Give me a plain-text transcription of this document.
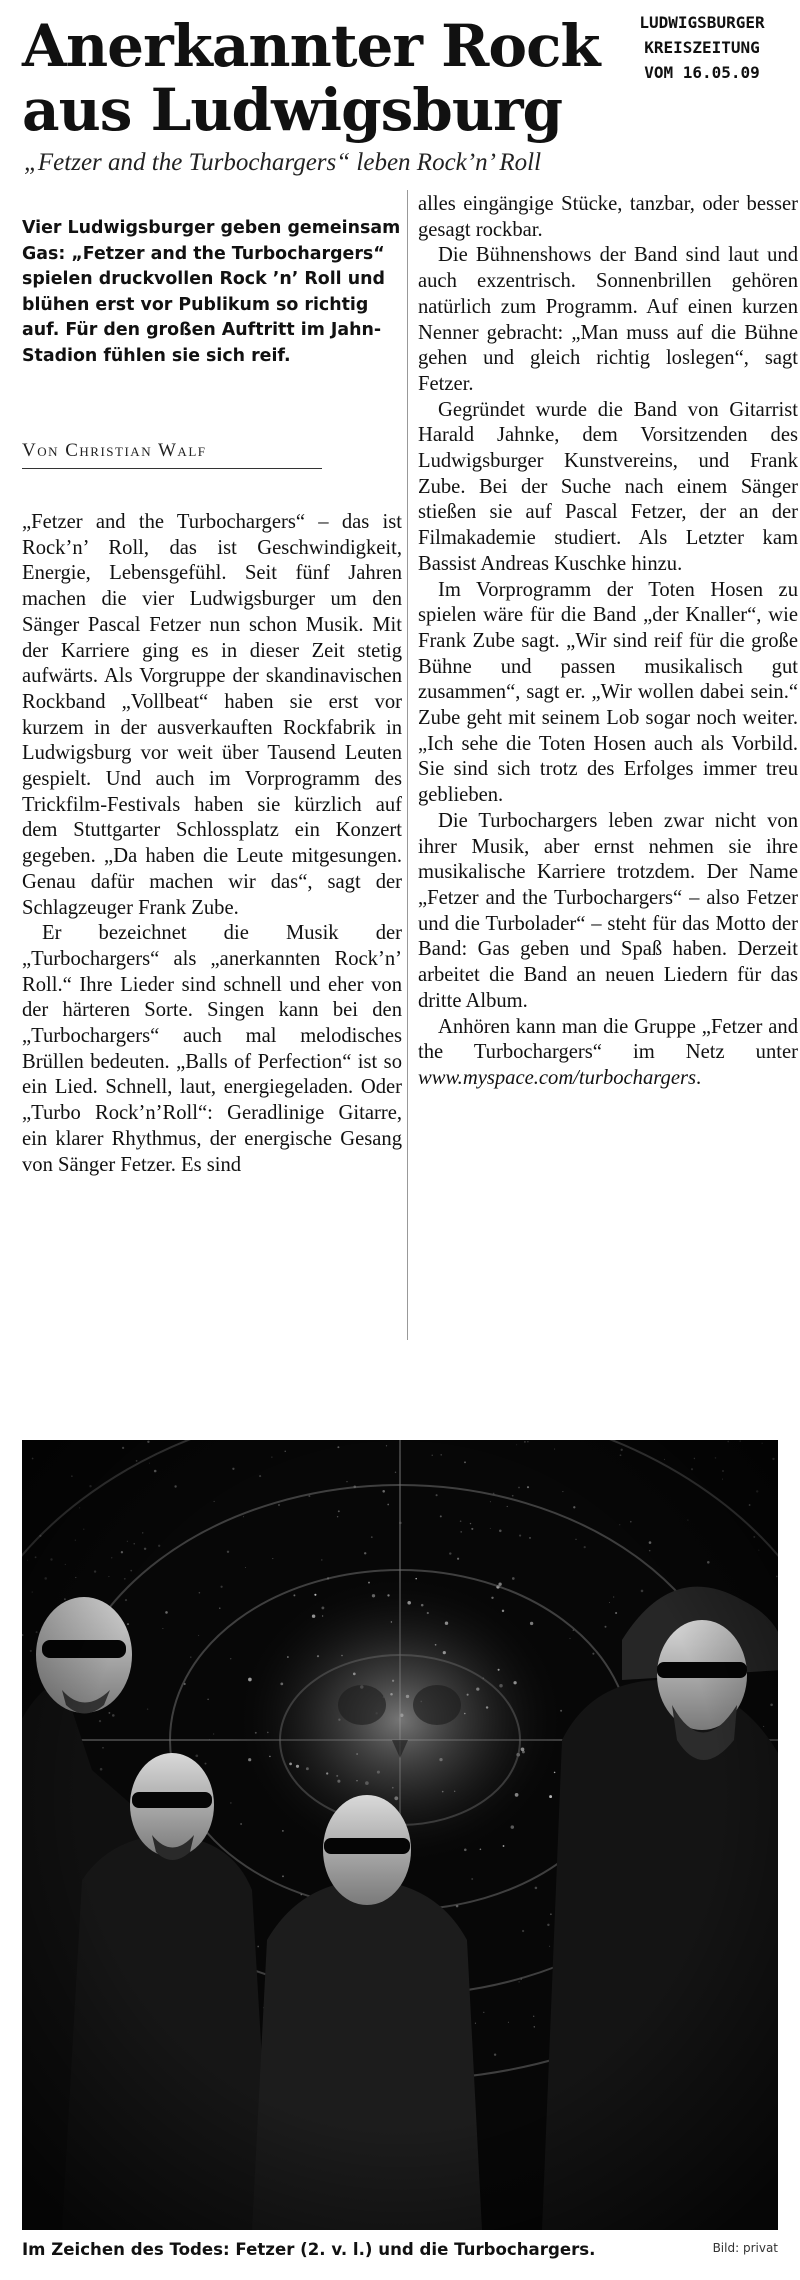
Anerkannter Rock
aus Ludwigsburg
LUDWIGSBURGER
KREISZEITUNG
VOM 16.05.09
„Fetzer and the Turbochargers“ leben Rock’n’ Roll
Vier Ludwigsburger geben gemeinsam Gas: „Fetzer and the Turbochargers“ spielen druckvollen Rock ’n’ Roll und blühen erst vor Publikum so richtig auf. Für den großen Auftritt im Jahn-Stadion fühlen sie sich reif.
Von Christian Walf

„Fetzer and the Turbochargers“ – das ist Rock’n’ Roll, das ist Geschwindigkeit, Energie, Lebensgefühl. Seit fünf Jahren machen die vier Ludwigsburger um den Sänger Pascal Fetzer nun schon Musik. Mit der Karriere ging es in dieser Zeit stetig aufwärts. Als Vorgruppe der skandinavischen Rockband „Vollbeat“ haben sie erst vor kurzem in der ausverkauften Rockfabrik in Ludwigsburg vor weit über Tausend Leuten gespielt. Und auch im Vorprogramm des Trickfilm-Festivals haben sie kürzlich auf dem Stuttgarter Schlossplatz ein Konzert gegeben. „Da haben die Leute mitgesungen. Genau dafür machen wir das“, sagt der Schlagzeuger Frank Zube.

Er bezeichnet die Musik der „Turbochargers“ als „anerkannten Rock’n’ Roll.“ Ihre Lieder sind schnell und eher von der härteren Sorte. Singen kann bei den „Turbochargers“ auch mal melodisches Brüllen bedeuten. „Balls of Perfection“ ist so ein Lied. Schnell, laut, energiegeladen. Oder „Turbo Rock’n’Roll“: Geradlinige Gitarre, ein klarer Rhythmus, der energische Gesang von Sänger Fetzer. Es sind

alles eingängige Stücke, tanzbar, oder besser gesagt rockbar.

Die Bühnenshows der Band sind laut und auch exzentrisch. Sonnenbrillen gehören natürlich zum Programm. Auf einen kurzen Nenner gebracht: „Man muss auf die Bühne gehen und gleich richtig loslegen“, sagt Fetzer.

Gegründet wurde die Band von Gitarrist Harald Jahnke, dem Vorsitzenden des Ludwigsburger Kunstvereins, und Frank Zube. Bei der Suche nach einem Sänger stießen sie auf Pascal Fetzer, der an der Filmakademie studiert. Als Letzter kam Bassist Andreas Kuschke hinzu.

Im Vorprogramm der Toten Hosen zu spielen wäre für die Band „der Knaller“, wie Frank Zube sagt. „Wir sind reif für die große Bühne und passen musikalisch gut zusammen“, sagt er. „Wir wollen dabei sein.“ Zube geht mit seinem Lob sogar noch weiter. „Ich sehe die Toten Hosen auch als Vorbild. Sie sind sich trotz des Erfolges immer treu geblieben.

Die Turbochargers leben zwar nicht von ihrer Musik, aber ernst nehmen sie ihre musikalische Karriere trotzdem. Der Name „Fetzer and the Turbochargers“ – also Fetzer und die Turbolader“ – steht für das Motto der Band: Gas geben und Spaß haben. Derzeit arbeitet die Band an neuen Liedern für das dritte Album.

Anhören kann man die Gruppe „Fetzer and the Turbochargers“ im Netz unter www.myspace.com/turbochargers.

Im Zeichen des Todes: Fetzer (2. v. l.) und die Turbochargers.	Bild: privat
